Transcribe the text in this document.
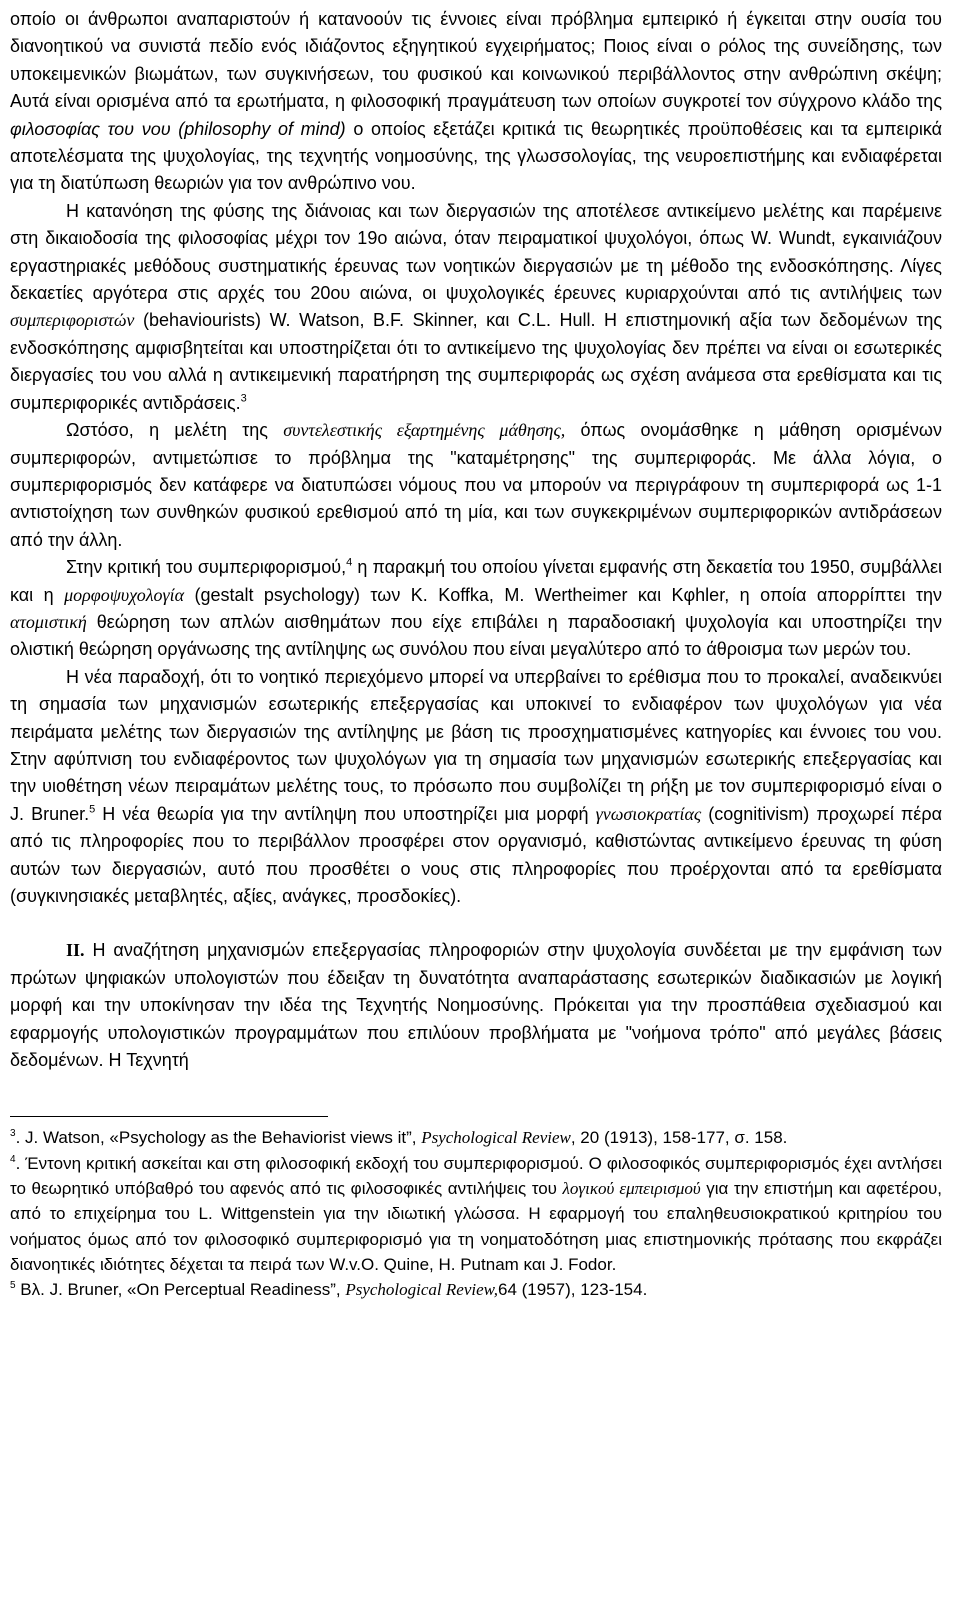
οποίο οι άνθρωποι αναπαριστούν ή κατανοούν τις έννοιες είναι πρόβλημα εμπειρικό ή έγκειται στην ουσία του διανοητικού να συνιστά πεδίο ενός ιδιάζοντος εξηγητικού εγχειρήματος; Ποιος είναι ο ρόλος της συνείδησης, των υποκειμενικών βιωμάτων, των συγκινήσεων, του φυσικού και κοινωνικού περιβάλλοντος στην ανθρώπινη σκέψη; Αυτά είναι ορισμένα από τα ερωτήματα, η φιλοσοφική πραγμάτευση των οποίων συγκροτεί τον σύγχρονο κλάδο της φιλοσοφίας του νου (philosophy of mind) ο οποίος εξετάζει κριτικά τις θεωρητικές προϋποθέσεις και τα εμπειρικά αποτελέσματα της ψυχολογίας, της τεχνητής νοημοσύνης, της γλωσσολογίας, της νευροεπιστήμης και ενδιαφέρεται για τη διατύπωση θεωριών για τον ανθρώπινο νου.

Η κατανόηση της φύσης της διάνοιας και των διεργασιών της αποτέλεσε αντικείμενο μελέτης και παρέμεινε στη δικαιοδοσία της φιλοσοφίας μέχρι τον 19ο αιώνα, όταν πειραματικοί ψυχολόγοι, όπως W. Wundt, εγκαινιάζουν εργαστηριακές μεθόδους συστηματικής έρευνας των νοητικών διεργασιών με τη μέθοδο της ενδοσκόπησης. Λίγες δεκαετίες αργότερα στις αρχές του 20ου αιώνα, οι ψυχολογικές έρευνες κυριαρχούνται από τις αντιλήψεις των συμπεριφοριστών (behaviourists) W. Watson, B.F. Skinner, και C.L. Hull. Η επιστημονική αξία των δεδομένων της ενδοσκόπησης αμφισβητείται και υποστηρίζεται ότι το αντικείμενο της ψυχολογίας δεν πρέπει να είναι οι εσωτερικές διεργασίες του νου αλλά η αντικειμενική παρατήρηση της συμπεριφοράς ως σχέση ανάμεσα στα ερεθίσματα και τις συμπεριφορικές αντιδράσεις.$^3$

Ωστόσο, η μελέτη της συντελεστικής εξαρτημένης μάθησης, όπως ονομάσθηκε η μάθηση ορισμένων συμπεριφορών, αντιμετώπισε το πρόβλημα της "καταμέτρησης" της συμπεριφοράς. Με άλλα λόγια, ο συμπεριφορισμός δεν κατάφερε να διατυπώσει νόμους που να μπορούν να περιγράφουν τη συμπεριφορά ως 1-1 αντιστοίχηση των συνθηκών φυσικού ερεθισμού από τη μία, και των συγκεκριμένων συμπεριφορικών αντιδράσεων από την άλλη.

Στην κριτική του συμπεριφορισμού,$^4$ η παρακμή του οποίου γίνεται εμφανής στη δεκαετία του 1950, συμβάλλει και η μορφοψυχολογία (gestalt psychology) των K. Koffka, M. Wertheimer και Kφhler, η οποία απορρίπτει την ατομιστική θεώρηση των απλών αισθημάτων που είχε επιβάλει η παραδοσιακή ψυχολογία και υποστηρίζει την ολιστική θεώρηση οργάνωσης της αντίληψης ως συνόλου που είναι μεγαλύτερο από το άθροισμα των μερών του.

Η νέα παραδοχή, ότι το νοητικό περιεχόμενο μπορεί να υπερβαίνει το ερέθισμα που το προκαλεί, αναδεικνύει τη σημασία των μηχανισμών εσωτερικής επεξεργασίας και υποκινεί το ενδιαφέρον των ψυχολόγων για νέα πειράματα μελέτης των διεργασιών της αντίληψης με βάση τις προσχηματισμένες κατηγορίες και έννοιες του νου. Στην αφύπνιση του ενδιαφέροντος των ψυχολόγων για τη σημασία των μηχανισμών εσωτερικής επεξεργασίας και την υιοθέτηση νέων πειραμάτων μελέτης τους, το πρόσωπο που συμβολίζει τη ρήξη με τον συμπεριφορισμό είναι ο J. Bruner.$^5$ Η νέα θεωρία για την αντίληψη που υποστηρίζει μια μορφή γνωσιοκρατίας (cognitivism) προχωρεί πέρα από τις πληροφορίες που το περιβάλλον προσφέρει στον οργανισμό, καθιστώντας αντικείμενο έρευνας τη φύση αυτών των διεργασιών, αυτό που προσθέτει ο νους στις πληροφορίες που προέρχονται από τα ερεθίσματα (συγκινησιακές μεταβλητές, αξίες, ανάγκες, προσδοκίες).

ΙΙ. Η αναζήτηση μηχανισμών επεξεργασίας πληροφοριών στην ψυχολογία συνδέεται με την εμφάνιση των πρώτων ψηφιακών υπολογιστών που έδειξαν τη δυνατότητα αναπαράστασης εσωτερικών διαδικασιών με λογική μορφή και την υποκίνησαν την ιδέα της Τεχνητής Νοημοσύνης. Πρόκειται για την προσπάθεια σχεδιασμού και εφαρμογής υπολογιστικών προγραμμάτων που επιλύουν προβλήματα με "νοήμονα τρόπο" από μεγάλες βάσεις δεδομένων. Η Τεχνητή

$^3$. J. Watson, «Psychology as the Behaviorist views it”, Psychological Review, 20 (1913), 158-177, σ. 158.

$^4$. Έντονη κριτική ασκείται και στη φιλοσοφική εκδοχή του συμπεριφορισμού. Ο φιλοσοφικός συμπεριφορισμός έχει αντλήσει το θεωρητικό υπόβαθρό του αφενός από τις φιλοσοφικές αντιλήψεις του λογικού εμπειρισμού για την επιστήμη και αφετέρου, από το επιχείρημα του L. Wittgenstein για την ιδιωτική γλώσσα. Η εφαρμογή του επαληθευσιοκρατικού κριτηρίου του νοήματος όμως από τον φιλοσοφικό συμπεριφορισμό για τη νοηματοδότηση μιας επιστημονικής πρότασης που εκφράζει διανοητικές ιδιότητες δέχεται τα πειρά των W.v.O. Quine, H. Putnam και J. Fodor.

$^5$ Βλ. J. Bruner, «On Perceptual Readiness”, Psychological Review,64 (1957), 123-154.
